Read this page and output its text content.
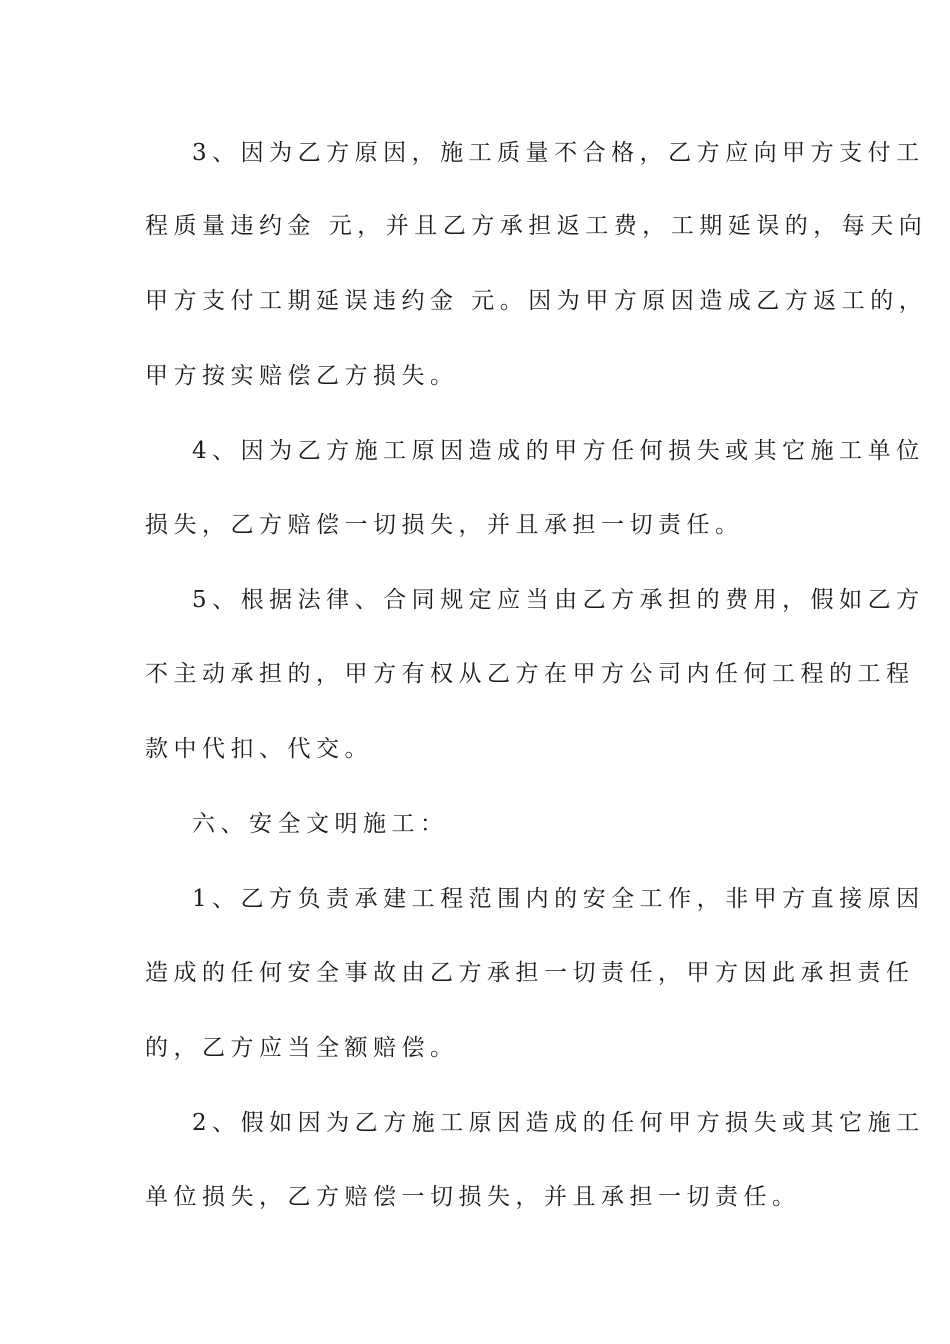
3、因为乙方原因，施工质量不合格，乙方应向甲方支付工
程质量违约金 元，并且乙方承担返工费，工期延误的，每天向
甲方支付工期延误违约金 元。因为甲方原因造成乙方返工的，
甲方按实赔偿乙方损失。
4、因为乙方施工原因造成的甲方任何损失或其它施工单位
损失，乙方赔偿一切损失，并且承担一切责任。
5、根据法律、合同规定应当由乙方承担的费用，假如乙方
不主动承担的，甲方有权从乙方在甲方公司内任何工程的工程
款中代扣、代交。
六、安全文明施工：
1、乙方负责承建工程范围内的安全工作，非甲方直接原因
造成的任何安全事故由乙方承担一切责任，甲方因此承担责任
的，乙方应当全额赔偿。
2、假如因为乙方施工原因造成的任何甲方损失或其它施工
单位损失，乙方赔偿一切损失，并且承担一切责任。
